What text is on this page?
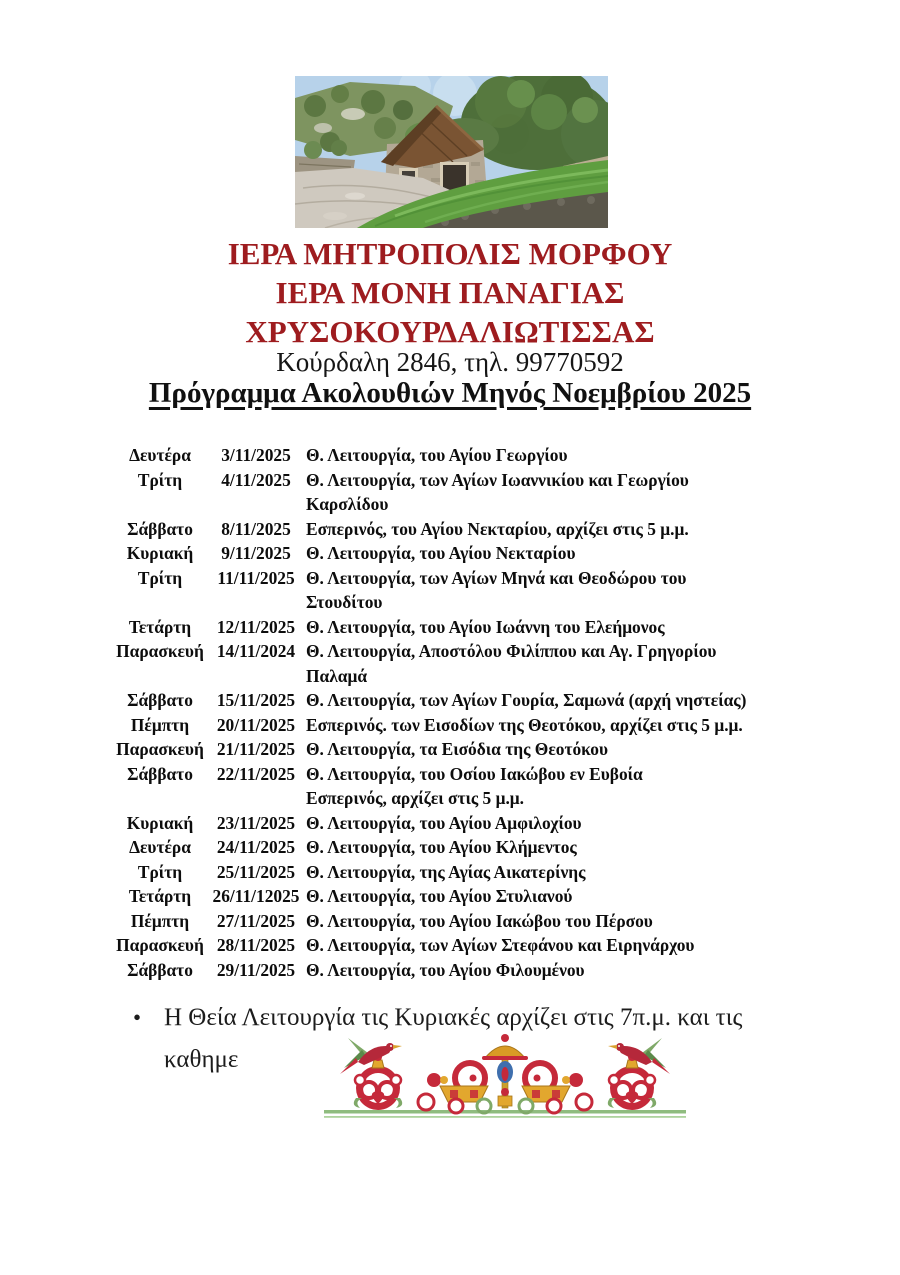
ΙΕΡΑ ΜΗΤΡΟΠΟΛΙΣ ΜΟΡΦΟΥ
ΙΕΡΑ ΜΟΝΗ ΠΑΝΑΓΙΑΣ
ΧΡΥΣΟΚΟΥΡΔΑΛΙΩΤΙΣΣΑΣ
Κούρδαλη 2846, τηλ. 99770592
Πρόγραμμα Ακολουθιών Μηνός Νοεμβρίου 2025
Δευτέρα	3/11/2025 Θ. Λειτουργία, του Αγίου Γεωργίου
Τρίτη	4/11/2025 Θ. Λειτουργία, των Αγίων Ιωαννικίου και Γεωργίου
Καρσλίδου
Σάββατο	8/11/2025 Εσπερινός, του Αγίου Νεκταρίου, αρχίζει στις 5 μ.μ.
Κυριακή	9/11/2025 Θ. Λειτουργία, του Αγίου Νεκταρίου
Τρίτη	11/11/2025 Θ. Λειτουργία, των Αγίων Μηνά και Θεοδώρου του
Στουδίτου
Τετάρτη	12/11/2025 Θ. Λειτουργία, του Αγίου Ιωάννη του Ελεήμονος
Παρασκευή 14/11/2024 Θ. Λειτουργία, Αποστόλου Φιλίππου και Αγ. Γρηγορίου
Παλαμά
Σάββατο	15/11/2025 Θ. Λειτουργία, των Αγίων Γουρία, Σαμωνά (αρχή νηστείας)
Πέμπτη	20/11/2025 Εσπερινός. των Εισοδίων της Θεοτόκου, αρχίζει στις 5 μ.μ.
Παρασκευή 21/11/2025 Θ. Λειτουργία, τα Εισόδια της Θεοτόκου
Σάββατο	22/11/2025 Θ. Λειτουργία, του Οσίου Ιακώβου εν Ευβοία
Εσπερινός, αρχίζει στις 5 μ.μ.
Κυριακή	23/11/2025 Θ. Λειτουργία, του Αγίου Αμφιλοχίου
Δευτέρα	24/11/2025 Θ. Λειτουργία, του Αγίου Κλήμεντος
Τρίτη	25/11/2025 Θ. Λειτουργία, της Αγίας Αικατερίνης
Τετάρτη	26/11/12025 Θ. Λειτουργία, του Αγίου Στυλιανού
Πέμπτη	27/11/2025 Θ. Λειτουργία, του Αγίου Ιακώβου του Πέρσου
Παρασκευή 28/11/2025 Θ. Λειτουργία, των Αγίων Στεφάνου και Ειρηνάρχου
Σάββατο	29/11/2025 Θ. Λειτουργία, του Αγίου Φιλουμένου
• Η Θεία Λειτουργία τις Κυριακές αρχίζει στις 7π.μ. και τις
καθημε
